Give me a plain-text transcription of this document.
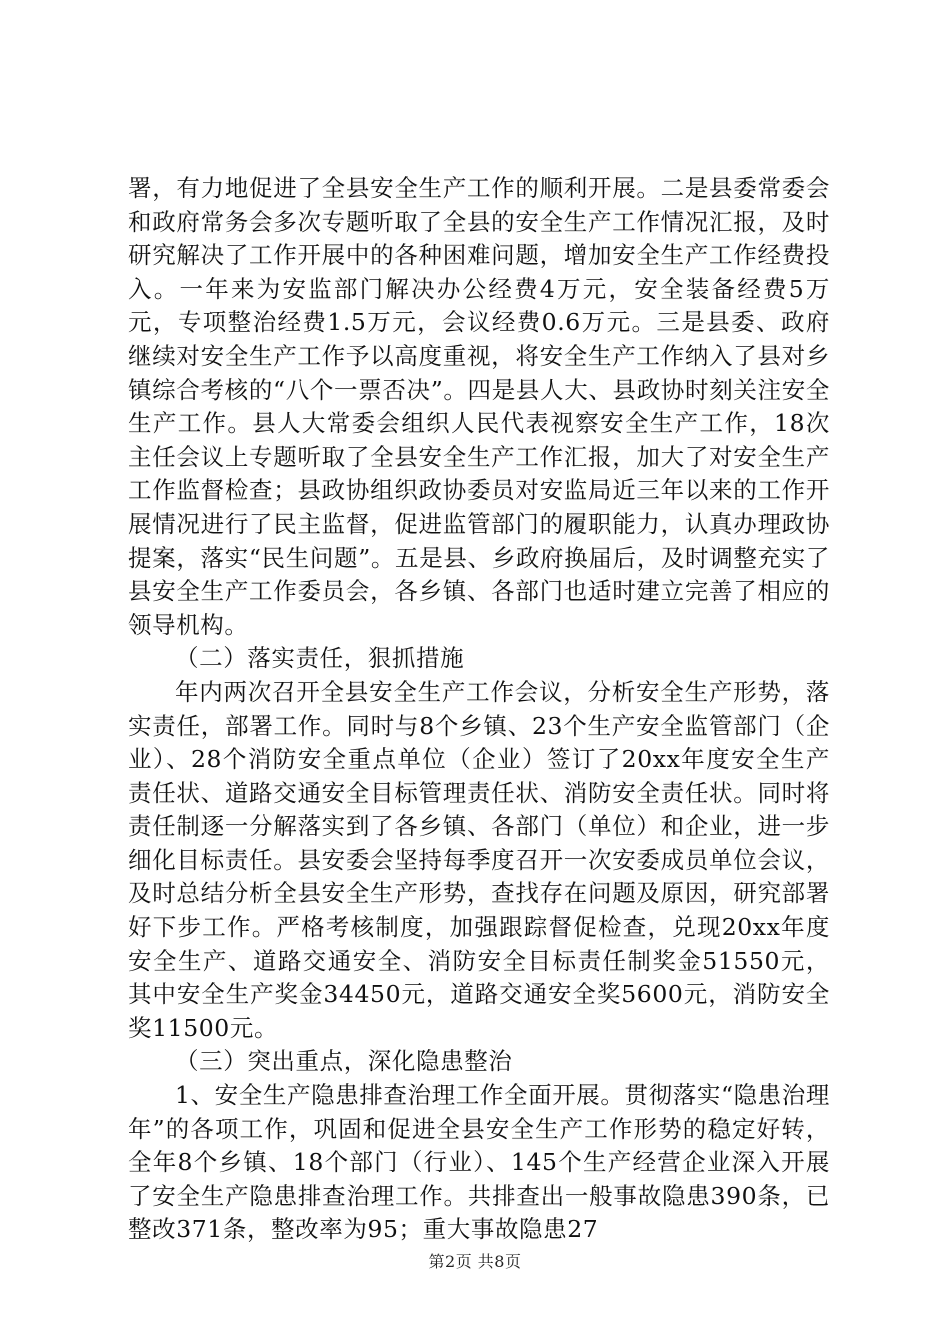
署，有力地促进了全县安全生产工作的顺利开展。二是县委常委会和政府常务会多次专题听取了全县的安全生产工作情况汇报，及时研究解决了工作开展中的各种困难问题，增加安全生产工作经费投入。一年来为安监部门解决办公经费4万元，安全装备经费5万元，专项整治经费1.5万元，会议经费0.6万元。三是县委、政府继续对安全生产工作予以高度重视，将安全生产工作纳入了县对乡镇综合考核的“八个一票否决”。四是县人大、县政协时刻关注安全生产工作。县人大常委会组织人民代表视察安全生产工作，18次主任会议上专题听取了全县安全生产工作汇报，加大了对安全生产工作监督检查；县政协组织政协委员对安监局近三年以来的工作开展情况进行了民主监督，促进监管部门的履职能力，认真办理政协提案，落实“民生问题”。五是县、乡政府换届后，及时调整充实了县安全生产工作委员会，各乡镇、各部门也适时建立完善了相应的领导机构。

（二）落实责任，狠抓措施

年内两次召开全县安全生产工作会议，分析安全生产形势，落实责任，部署工作。同时与8个乡镇、23个生产安全监管部门（企业）、28个消防安全重点单位（企业）签订了20xx年度安全生产责任状、道路交通安全目标管理责任状、消防安全责任状。同时将责任制逐一分解落实到了各乡镇、各部门（单位）和企业，进一步细化目标责任。县安委会坚持每季度召开一次安委成员单位会议，及时总结分析全县安全生产形势，查找存在问题及原因，研究部署好下步工作。严格考核制度，加强跟踪督促检查，兑现20xx年度安全生产、道路交通安全、消防安全目标责任制奖金51550元，其中安全生产奖金34450元，道路交通安全奖5600元，消防安全奖11500元。

（三）突出重点，深化隐患整治

1、安全生产隐患排查治理工作全面开展。贯彻落实“隐患治理年”的各项工作，巩固和促进全县安全生产工作形势的稳定好转，全年8个乡镇、18个部门（行业）、145个生产经营企业深入开展了安全生产隐患排查治理工作。共排查出一般事故隐患390条，已整改371条，整改率为95；重大事故隐患27

第2页 共8页
